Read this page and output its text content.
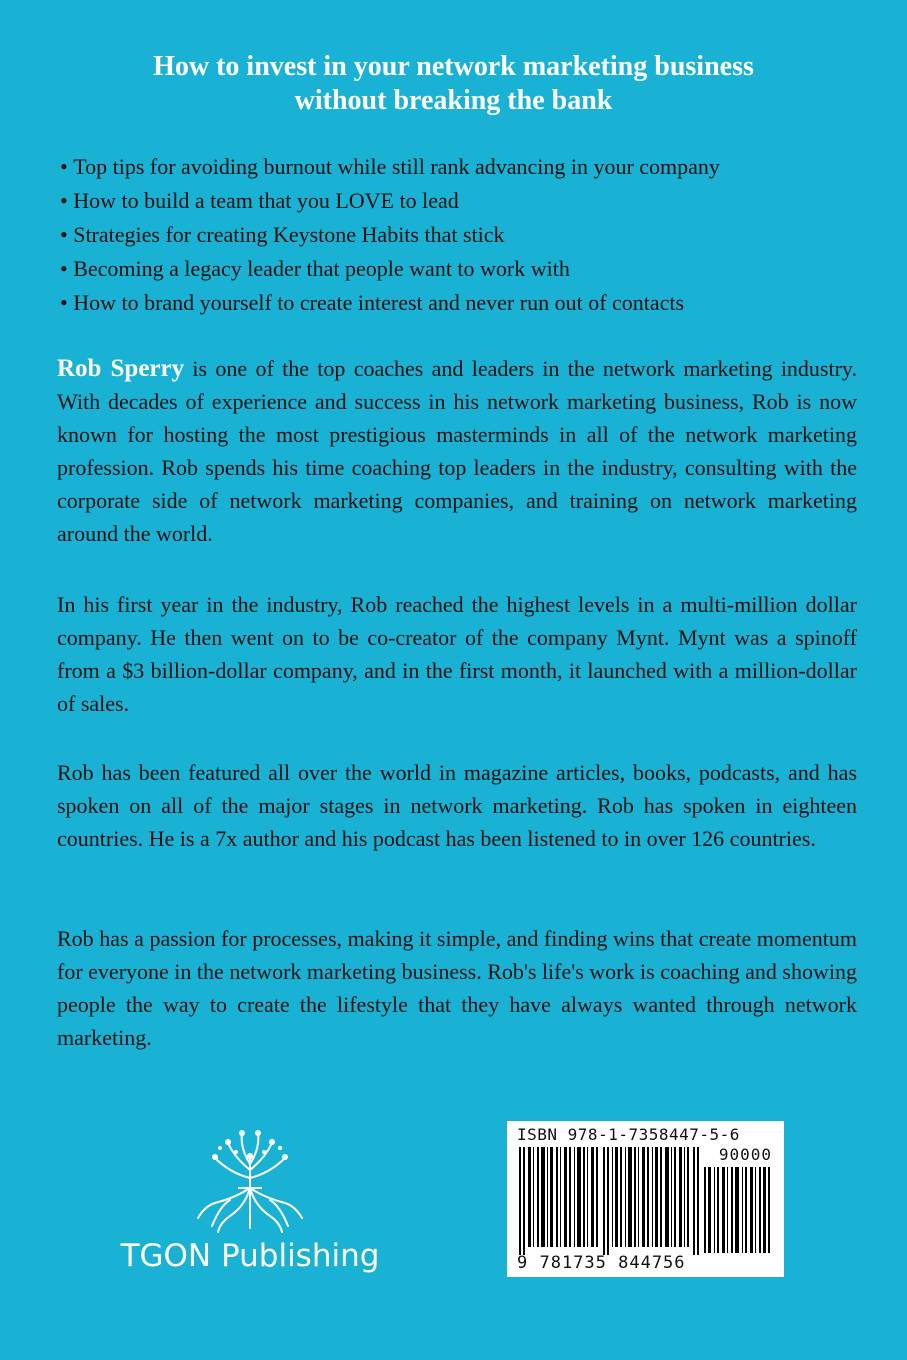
How to invest in your network marketing business
without breaking the bank
• Top tips for avoiding burnout while still rank advancing in your company
• How to build a team that you LOVE to lead
• Strategies for creating Keystone Habits that stick
• Becoming a legacy leader that people want to work with
• How to brand yourself to create interest and never run out of contacts

Rob Sperry is one of the top coaches and leaders in the network marketing industry. With decades of experience and success in his network marketing business, Rob is now known for hosting the most prestigious masterminds in all of the network marketing profession. Rob spends his time coaching top leaders in the industry, consulting with the corporate side of network marketing companies, and training on network marketing around the world.

In his first year in the industry, Rob reached the highest levels in a multi-million dollar company. He then went on to be co-creator of the company Mynt. Mynt was a spinoff from a $3 billion-dollar company, and in the first month, it launched with a million-dollar of sales.

Rob has been featured all over the world in magazine articles, books, podcasts, and has spoken on all of the major stages in network marketing. Rob has spoken in eighteen countries. He is a 7x author and his podcast has been listened to in over 126 countries.

Rob has a passion for processes, making it simple, and finding wins that create momentum for everyone in the network marketing business. Rob's life's work is coaching and showing people the way to create the lifestyle that they have always wanted through network marketing.

TGON Publishing
ISBN 978-1-7358447-5-6
90000
9 781735 844756
